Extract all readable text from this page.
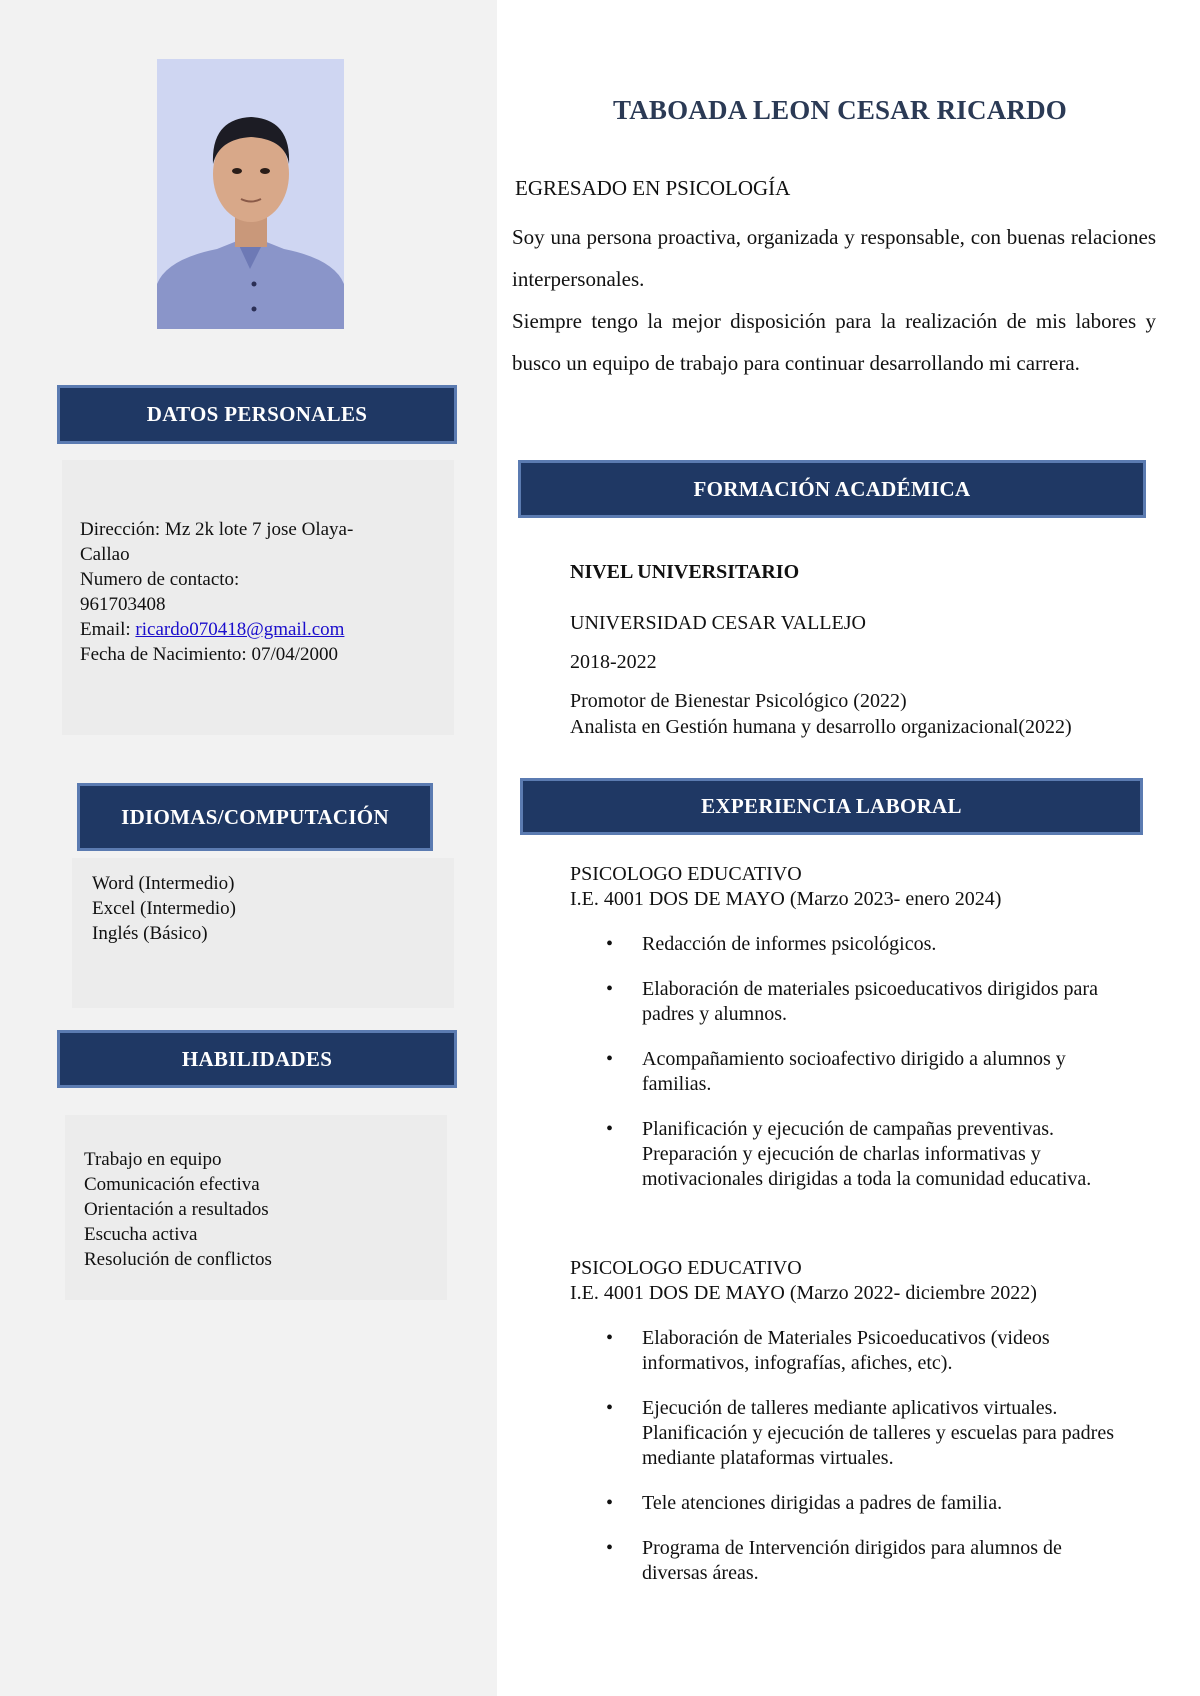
DATOS PERSONALES
Dirección: Mz 2k lote 7 jose Olaya-
Callao
Numero de contacto:
961703408
Email: ricardo070418@gmail.com
Fecha de Nacimiento: 07/04/2000
IDIOMAS/COMPUTACIÓN
Word (Intermedio)
Excel (Intermedio)
Inglés (Básico)
HABILIDADES
Trabajo en equipo
Comunicación efectiva
Orientación a resultados
Escucha activa
Resolución de conflictos
TABOADA LEON CESAR RICARDO
EGRESADO EN PSICOLOGÍA

Soy una persona proactiva, organizada y responsable, con buenas relaciones interpersonales.

Siempre tengo la mejor disposición para la realización de mis labores y busco un equipo de trabajo para continuar desarrollando mi carrera.

FORMACIÓN ACADÉMICA
NIVEL UNIVERSITARIO
UNIVERSIDAD CESAR VALLEJO
2018-2022
Promotor de Bienestar Psicológico (2022)
Analista en Gestión humana y desarrollo organizacional(2022)
EXPERIENCIA LABORAL
PSICOLOGO EDUCATIVO
I.E. 4001 DOS DE MAYO (Marzo 2023- enero 2024)
• Redacción de informes psicológicos.
• Elaboración de materiales psicoeducativos dirigidos para padres y alumnos.
• Acompañamiento socioafectivo dirigido a alumnos y familias.
• Planificación y ejecución de campañas preventivas. Preparación y ejecución de charlas informativas y motivacionales dirigidas a toda la comunidad educativa.
PSICOLOGO EDUCATIVO
I.E. 4001 DOS DE MAYO (Marzo 2022- diciembre 2022)
• Elaboración de Materiales Psicoeducativos (videos informativos, infografías, afiches, etc).
• Ejecución de talleres mediante aplicativos virtuales. Planificación y ejecución de talleres y escuelas para padres mediante plataformas virtuales.
• Tele atenciones dirigidas a padres de familia.
• Programa de Intervención dirigidos para alumnos de diversas áreas.
